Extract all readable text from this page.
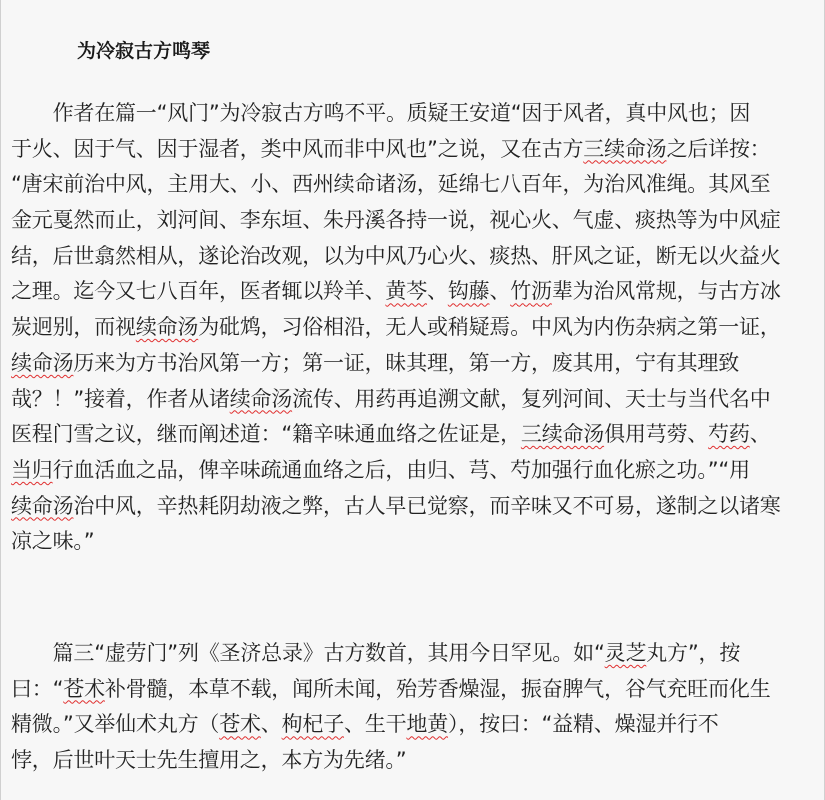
为冷寂古方鸣琴
　　作者在篇一“风门”为冷寂古方鸣不平。质疑王安道“因于风者，真中风也；因
于火、因于气、因于湿者，类中风而非中风也”之说，又在古方三续命汤之后详按：
“唐宋前治中风，主用大、小、西州续命诸汤，延绵七八百年，为治风准绳。其风至
金元戛然而止，刘河间、李东垣、朱丹溪各持一说，视心火、气虚、痰热等为中风症
结，后世翕然相从，遂论治改观，以为中风乃心火、痰热、肝风之证，断无以火益火
之理。迄今又七八百年，医者辄以羚羊、黄芩、钩藤、竹沥辈为治风常规，与古方冰
炭迥别，而视续命汤为砒鸩，习俗相沿，无人或稍疑焉。中风为内伤杂病之第一证，
续命汤历来为方书治风第一方；第一证，昧其理，第一方，废其用，宁有其理致
哉？！”接着，作者从诸续命汤流传、用药再追溯文献，复列河间、天士与当代名中
医程门雪之议，继而阐述道：“籍辛味通血络之佐证是，三续命汤俱用芎䓖、芍药、
当归行血活血之品，俾辛味疏通血络之后，由归、芎、芍加强行血化瘀之功。”“用
续命汤治中风，辛热耗阴劫液之弊，古人早已觉察，而辛味又不可易，遂制之以诸寒
凉之味。”
　　篇三“虚劳门”列《圣济总录》古方数首，其用今日罕见。如“灵芝丸方”，按
曰：“苍术补骨髓，本草不载，闻所未闻，殆芳香燥湿，振奋脾气，谷气充旺而化生
精微。”又举仙术丸方（苍术、枸杞子、生干地黄），按曰：“益精、燥湿并行不
悖，后世叶天士先生擅用之，本方为先绪。”
